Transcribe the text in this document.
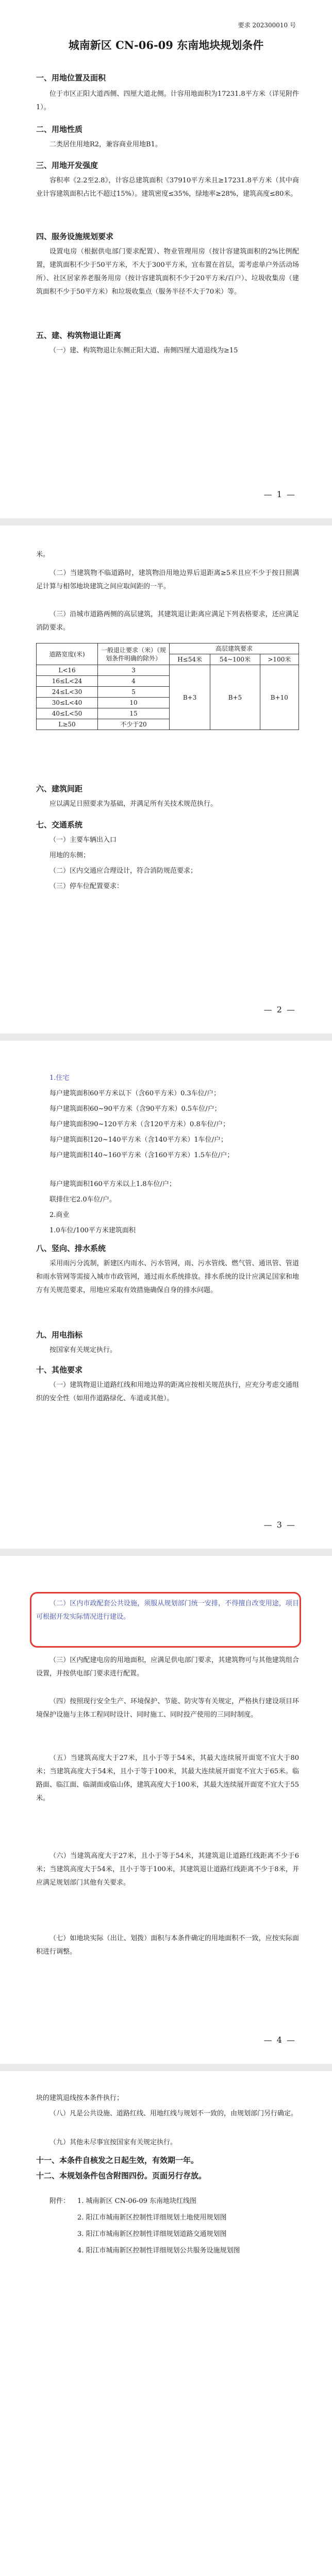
要求 202300010 号
城南新区 CN-06-09 东南地块规划条件
一、用地位置及面积
位于市区正阳大道西侧、四厘大道北侧。计容用地面积为17231.8平方米（详见附件1）。
二、用地性质
二类居住用地R2，兼容商业用地B1。
三、用地开发强度
容积率《2.2至2.8》，计容总建筑面积《37910平方米且≥17231.8平方米（其中商业计容建筑面积占比不超过15%）。建筑密度≤35%，绿地率≥28%，建筑高度≤80米。
四、服务设施规划要求
设置电房（根据供电部门要求配置）、物业管理用房（按计容建筑面积的2%比例配置，建筑面积不少于50平方米，不大于300平方米，宜布置在首层，需考虑单户外活动场所）、社区居家养老服务用房（按计容建筑面积不少于20平方米/百户）、垃圾收集房（建筑面积不少于50平方米）和垃圾收集点（服务半径不大于70米）等。
五、建、构筑物退让距离
（一）建、构筑物退让东侧正阳大道、南侧四厘大道退线为≥15
— 1 —
米。
（二）当建筑物不临道路时，建筑物沿用地边界后退距离≥5米且应不少于按日照满足计算与相邻地块建筑之间应取间距的一半。
（三）沿城市道路两侧的高层建筑，其建筑退让距离应满足下列表格要求，还应满足消防要求。
道路宽度(米)	一般退让要求（米）（规划条件明确的除外）	高层建筑要求		
		H≤54米	54~100米	>100米
L<16	3	B+3	B+5	B+10
16≤L<24	4			
24≤L<30	5			
30≤L<40	10			
40≤L<50	15			
L≥50	不少于20			
六、建筑间距
应以满足日照要求为基础，并满足所有关技术规范执行。
七、交通系统
（一）主要车辆出入口
用地的东侧；
（二）区内交通应合理设计，符合消防规范要求；
（三）停车位配置要求：
— 2 —
1.住宅
每户建筑面积60平方米以下（含60平方米）0.3车位/户；
每户建筑面积60~90平方米（含90平方米）0.5车位/户；
每户建筑面积90~120平方米（含120平方米）0.8车位/户；
每户建筑面积120~140平方米（含140平方米）1车位/户；
每户建筑面积140~160平方米（含160平方米）1.5车位/户；
每户建筑面积160平方米以上1.8车位/户；
联排住宅2.0车位/户。
2.商业
1.0车位/100平方米建筑面积
八、竖向、排水系统
采用雨污分流制，新建区内雨水、污水管网，雨、污水管线、燃气管、通讯管、管道和雨水管网等需接入城市市政管网，通过雨水系统排放。排水系统的设计应满足国家和地方有关规范要求，用地应采取有效措施确保自身的排水问题。
九、用电指标
按国家有关规定执行。
十、其他要求
（一）建筑物退让道路红线和用地边界的距离应按相关规范执行，应充分考虑交通组织的安全性（如用作道路绿化、车道或其他）。
— 3 —
（二）区内市政配套公共设施，须服从规划部门统一安排，不得擅自改变用途，项目可根据开发实际情况进行建设。
（三）区内配建电房的用地面积，应满足供电部门要求，其建筑物可与其他建筑组合设置，并按供电部门要求进行配置。
（四）按照现行安全生产、环境保护、节能、防灾等有关规定，严格执行建设项目环境保护设施与主体工程同时设计、同时施工、同时投产使用的三同时制度。
（五）当建筑高度大于27米，且小于等于54米，其最大连续展开面宽不宜大于80米；当建筑高度大于54米，且小于等于100米，其最大连续展开面宽不宜大于65米。临路面、临江面、临湖面或临山体，建筑高度大于100米，其最大连续展开面宽不宜大于55米。
（六）当建筑高度大于27米，且小于等于54米，其建筑退让道路红线距离不少于6米；当建筑高度大于54米，且小于等于100米，其建筑退让道路红线距离不少于8米，并应满足规划部门其他有关要求。
（七）如地块实际（出让、划拨）面积与本条件确定的用地面积不一致，应按实际面积进行调整。
— 4 —
块的建筑退线按本条件执行；
（八）凡是公共设施、道路红线、用地红线与规划不一致的，由规划部门另行确定。
（九）其他未尽事宜按国家有关规定执行。
十一、本条件自核发之日起生效，有效期一年。
十二、本规划条件包含附图四份。页面另行存放。
附件：	1. 城南新区 CN-06-09 东南地块红线图
2. 阳江市城南新区控制性详细规划土地使用规划图
3. 阳江市城南新区控制性详细规划道路交通规划图
4. 阳江市城南新区控制性详细规划公共服务设施规划图
